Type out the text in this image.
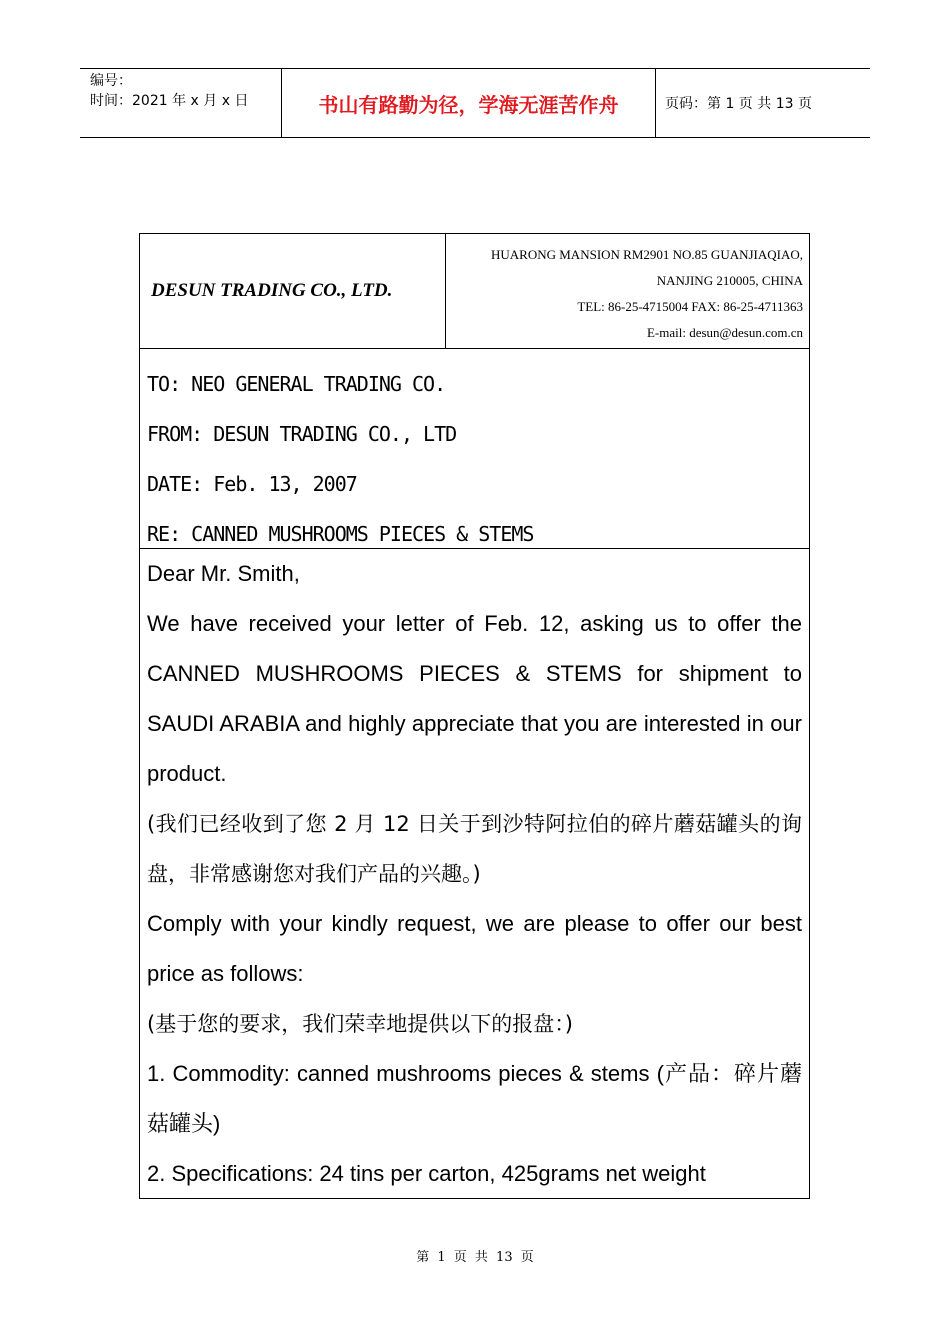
编号：
时间：2021 年 x 月 x 日	书山有路勤为径，学海无涯苦作舟	页码：第 1 页 共 13 页
DESUN TRADING CO., LTD.
HUARONG MANSION RM2901 NO.85 GUANJIAQIAO,
NANJING 210005, CHINA
TEL: 86-25-4715004 FAX: 86-25-4711363
E-mail: desun@desun.com.cn
TO: NEO GENERAL TRADING CO.
FROM: DESUN TRADING CO., LTD
DATE: Feb. 13, 2007
RE: CANNED MUSHROOMS PIECES & STEMS

Dear Mr. Smith,

We have received your letter of Feb. 12, asking us to offer the CANNED MUSHROOMS PIECES & STEMS for shipment to SAUDI ARABIA and highly appreciate that you are interested in our product.

(我们已经收到了您 2 月 12 日关于到沙特阿拉伯的碎片蘑菇罐头的询盘，非常感谢您对我们产品的兴趣。)

Comply with your kindly request, we are please to offer our best price as follows:

(基于您的要求，我们荣幸地提供以下的报盘：)

1. Commodity: canned mushrooms pieces & stems (产品：碎片蘑菇罐头)

2. Specifications: 24 tins per carton, 425grams net weight

第 1 页 共 13 页
